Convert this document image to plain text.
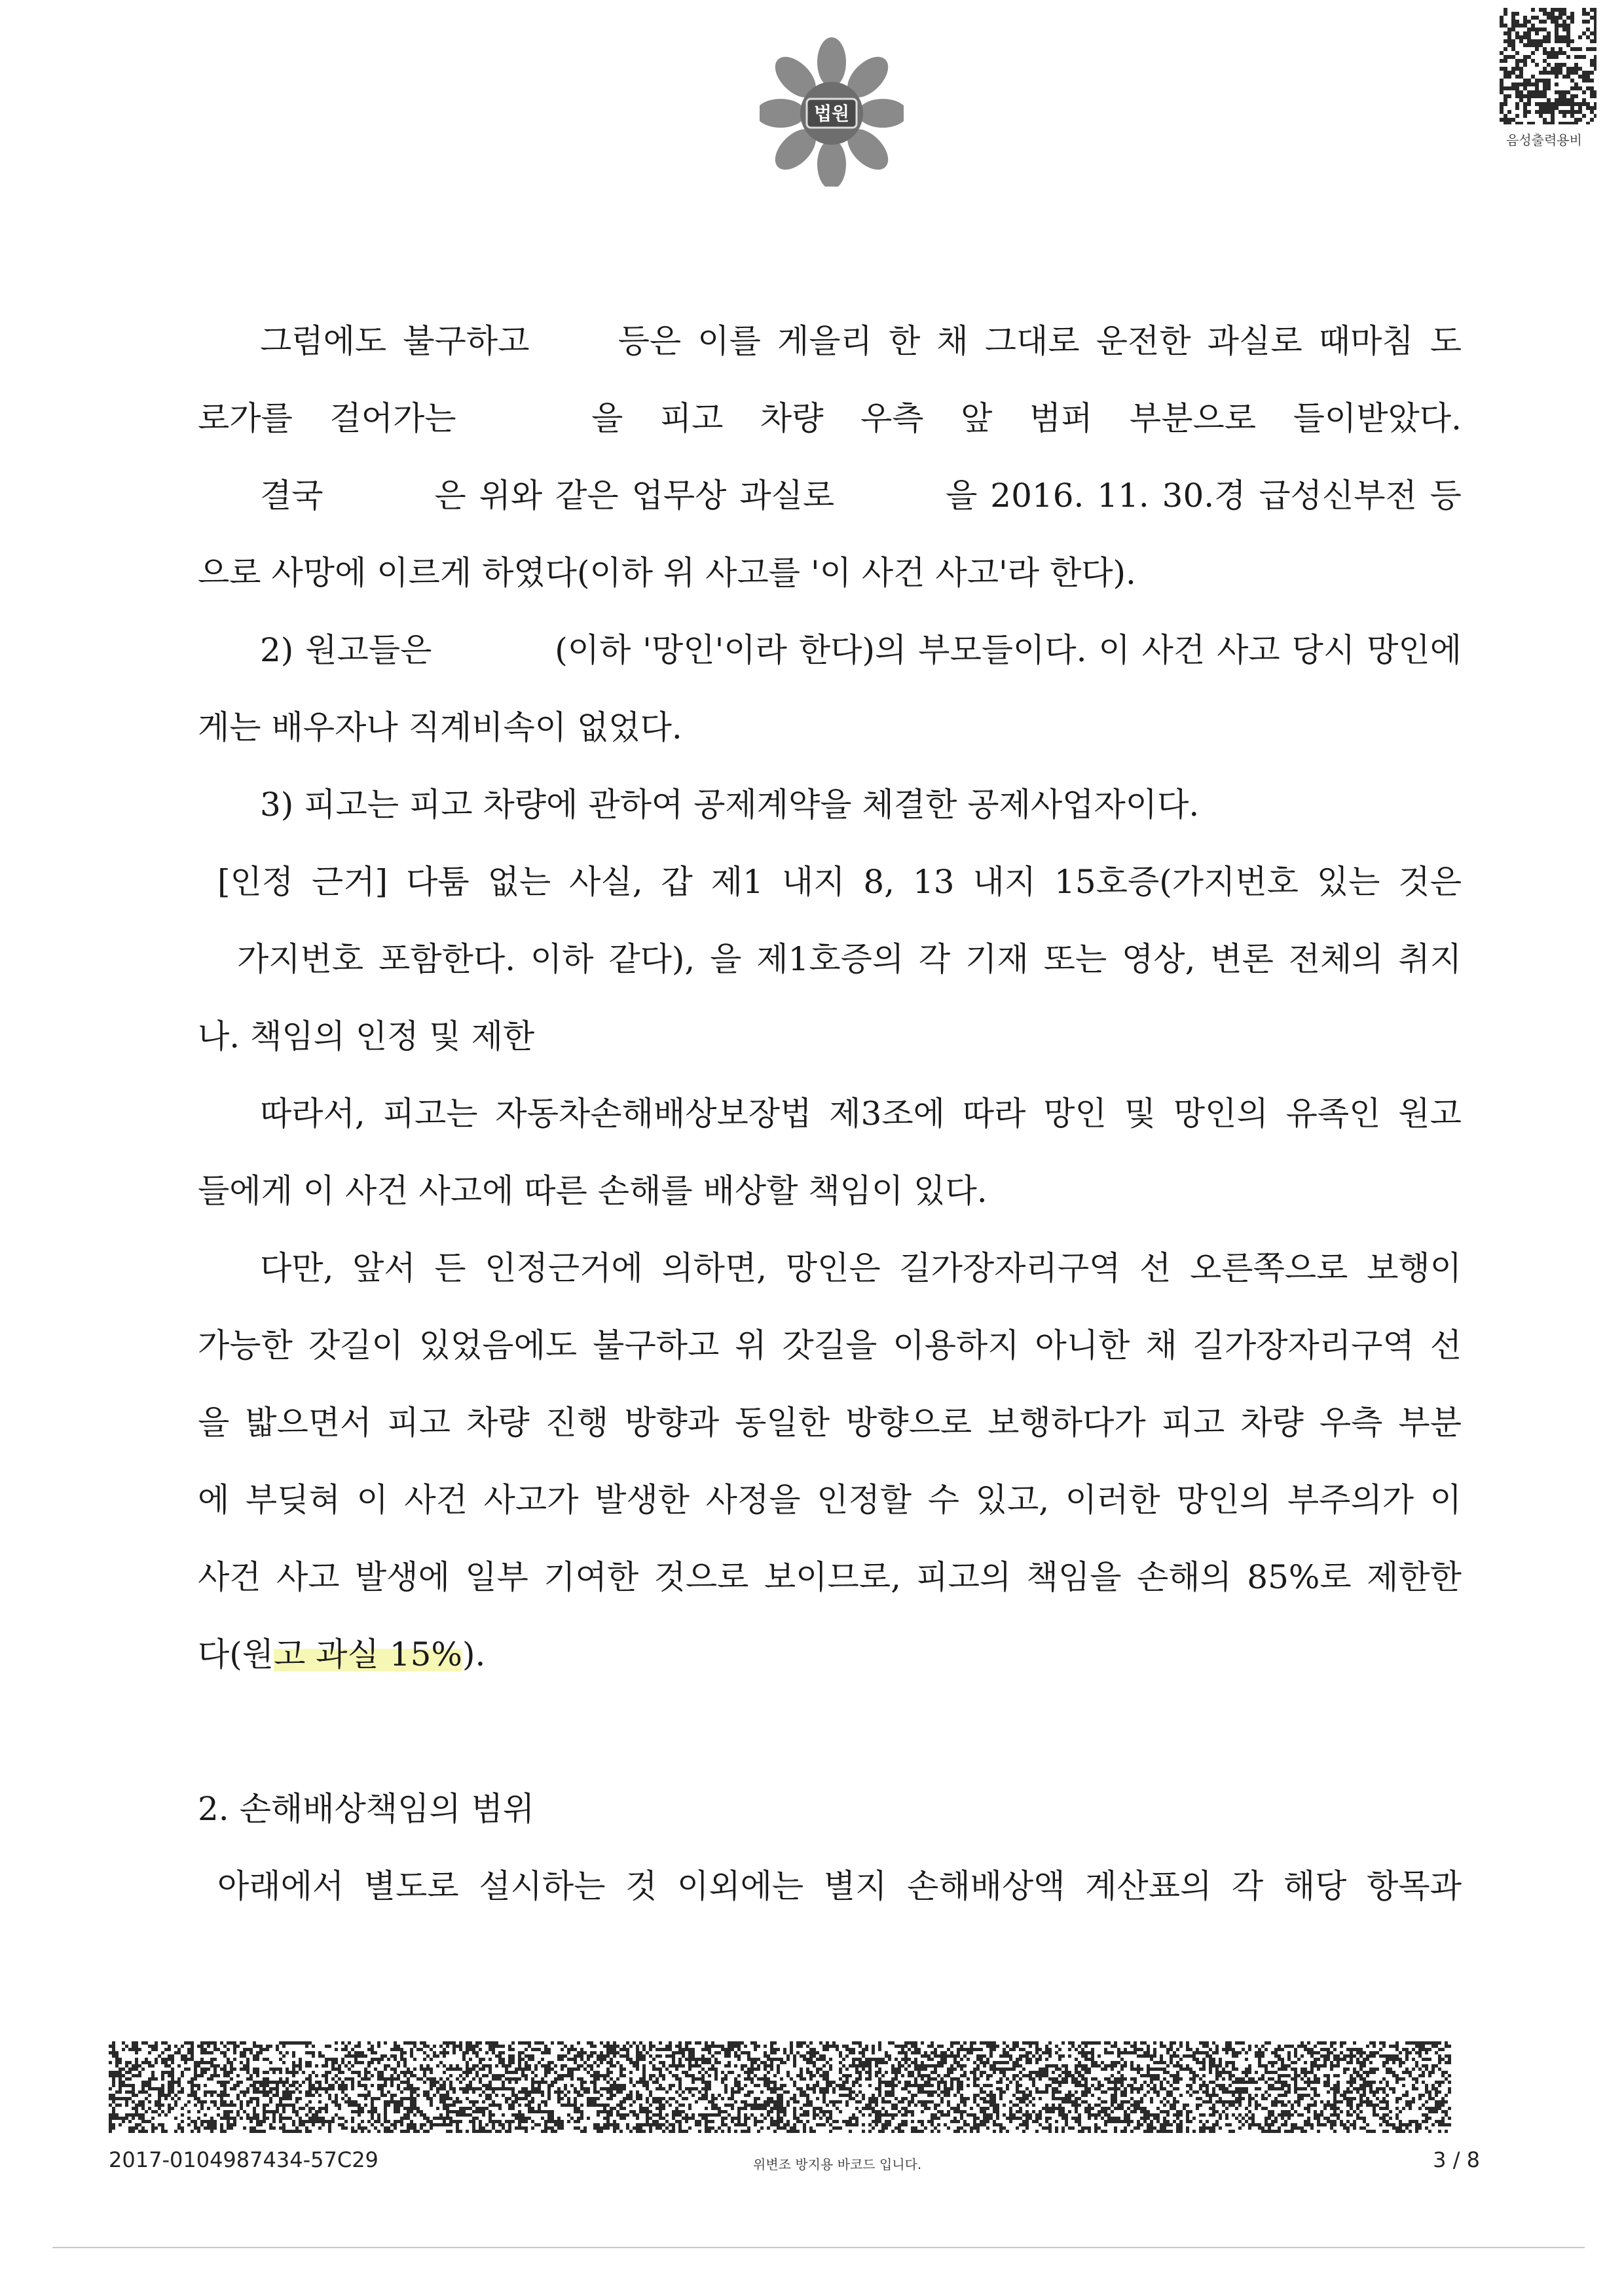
법원
음성출력용비
그럼에도 불구하고 등은 이를 게을리 한 채 그대로 운전한 과실로 때마침 도
로가를 걸어가는	을 피고 차량 우측 앞 범퍼 부분으로 들이받았다.
결국	은 위와 같은 업무상 과실로	을 2016. 11. 30.경 급성신부전 등
으로 사망에 이르게 하였다(이하 위 사고를 '이 사건 사고'라 한다).
2) 원고들은	(이하 '망인'이라 한다)의 부모들이다. 이 사건 사고 당시 망인에
게는 배우자나 직계비속이 없었다.
3) 피고는 피고 차량에 관하여 공제계약을 체결한 공제사업자이다.
[인정 근거] 다툼 없는 사실, 갑 제1 내지 8, 13 내지 15호증(가지번호 있는 것은
가지번호 포함한다. 이하 같다), 을 제1호증의 각 기재 또는 영상, 변론 전체의 취지
나. 책임의 인정 및 제한
따라서, 피고는 자동차손해배상보장법 제3조에 따라 망인 및 망인의 유족인 원고
들에게 이 사건 사고에 따른 손해를 배상할 책임이 있다.
다만, 앞서 든 인정근거에 의하면, 망인은 길가장자리구역 선 오른쪽으로 보행이
가능한 갓길이 있었음에도 불구하고 위 갓길을 이용하지 아니한 채 길가장자리구역 선
을 밟으면서 피고 차량 진행 방향과 동일한 방향으로 보행하다가 피고 차량 우측 부분
에 부딪혀 이 사건 사고가 발생한 사정을 인정할 수 있고, 이러한 망인의 부주의가 이
사건 사고 발생에 일부 기여한 것으로 보이므로, 피고의 책임을 손해의 85%로 제한한
다(원고 과실 15%).
2. 손해배상책임의 범위
아래에서 별도로 설시하는 것 이외에는 별지 손해배상액 계산표의 각 해당 항목과
2017-0104987434-57C29	위변조 방지용 바코드 입니다.	3 / 8
